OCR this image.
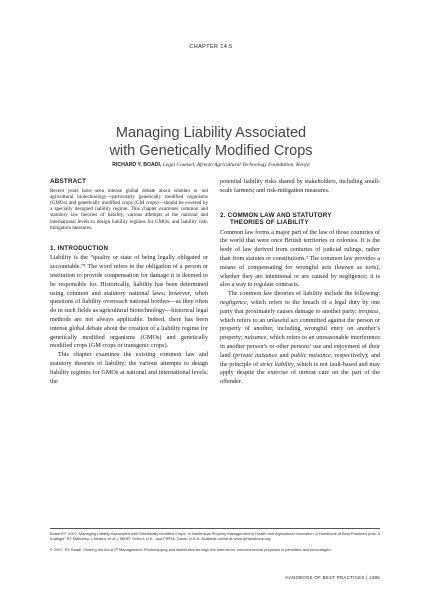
CHAPTER 14.5
Managing Liability Associated
with Genetically Modified Crops
RICHARD Y. BOADI, Legal Counsel, African Agricultural Technology Foundation, Kenya
ABSTRACT

Recent years have seen intense global debate about whether or not agricultural biotechnology—particularly genetically modified organisms (GMOs) and genetically modified crops (GM crops)—should be covered by a specially designed liability regime. This chapter examines common and statutory law theories of liability, various attempts at the national and international levels to design liability regimes for GMOs, and liability risk-mitigation measures.

1. INTRODUCTION

Liability is the “quality or state of being legally obligated or accountable.”¹ The word refers to the obligation of a person or institution to provide compensation for damage it is deemed to be responsible for. Historically, liability has been determined using common and statutory national laws; however, when questions of liability overreach national borders—as they often do in such fields as agricultural biotechnology—historical legal methods are not always applicable. Indeed, there has been intense global debate about the creation of a liability regime for genetically modified organisms (GMOs) and genetically modified crops (GM crops or transgenic crops).

This chapter examines the existing common law and statutory theories of liability; the various attempts to design liability regimes for GMOs at national and international levels; the

potential liability risks shared by stakeholders, including small-scale farmers; and risk-mitigation measures.

2. COMMON LAW AND STATUTORY
THEORIES OF LIABILITY

Common law forms a major part of the law of those countries of the world that were once British territories or colonies. It is the body of law derived from centuries of judicial rulings, rather than from statutes or constitutions.² The common law provides a means of compensating for wrongful acts (known as torts), whether they are intentional or are caused by negligence; it is also a way to regulate contracts.

The common law theories of liability include the following: negligence, which refers to the breach of a legal duty by one party that proximately causes damage to another party; trespass, which refers to an unlawful act committed against the person or property of another, including wrongful entry on another’s property; nuisance, which refers to an unreasonable interference in another person’s or other persons’ use and enjoyment of their land (private nuisance and public nuisance, respectively); and the principle of strict liability, which is not fault-based and may apply despite the exercise of utmost care on the part of the offender.

Boadi RY. 2007. Managing Liability Associated with Genetically Modified Crops. In Intellectual Property Management in Health and Agricultural Innovation: A Handbook of Best Practices (eds. A Krattiger, RT Mahoney, L Nelsen, et al.). MIHR: Oxford, U.K., and PIPRA: Davis, U.S.A. Available online at www.ipHandbook.org.
© 2007. RY Boadi. Sharing the Art of IP Management: Photocopying and distribution through the Internet for noncommercial purposes is permitted and encouraged.
HANDBOOK OF BEST PRACTICES | 1385
